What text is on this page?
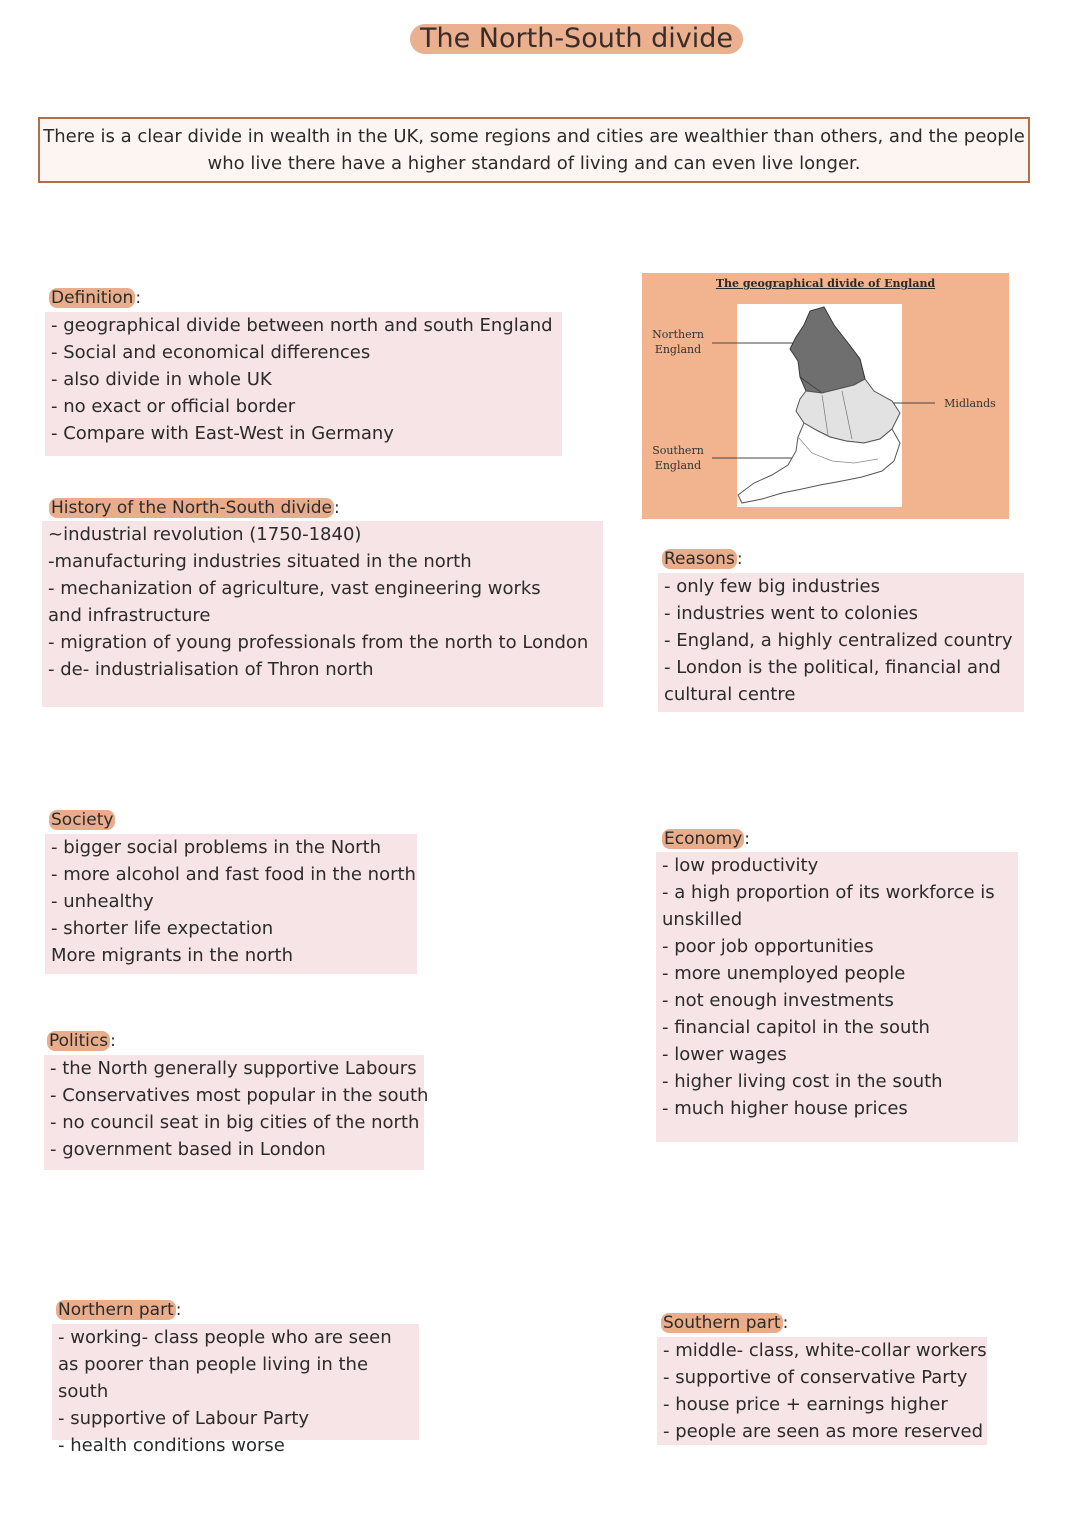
The North-South divide
There is a clear divide in wealth in the UK, some regions and cities are wealthier than others, and the people who live there have a higher standard of living and can even live longer.
Definition :
- geographical divide between north and south England
- Social and economical differences
- also divide in whole UK
- no exact or official border
- Compare with East-West in Germany
History of the North-South divide :
~industrial revolution (1750-1840)
-manufacturing industries situated in the north
- mechanization of agriculture, vast engineering works and infrastructure
- migration of young professionals from the north to London
- de- industrialisation of Thron north
The geographical divide of England
Northern
England
Southern
England
Midlands
Reasons :
- only few big industries
- industries went to colonies
- England, a highly centralized country
- London is the political, financial and cultural centre
Society
- bigger social problems in the North
- more alcohol and fast food in the north
- unhealthy
- shorter life expectation
More migrants in the north
Economy :
- low productivity
- a high proportion of its workforce is unskilled
- poor job opportunities
- more unemployed people
- not enough investments
- financial capitol in the south
- lower wages
- higher living cost in the south
- much higher house prices
Politics :
- the North generally supportive Labours
- Conservatives most popular in the south
- no council seat in big cities of the north
- government based in London
Northern part :
- working- class people who are seen as poorer than people living in the south
- supportive of Labour Party
- health conditions worse
Southern part :
- middle- class, white-collar workers
- supportive of conservative Party
- house price + earnings higher
- people are seen as more reserved
